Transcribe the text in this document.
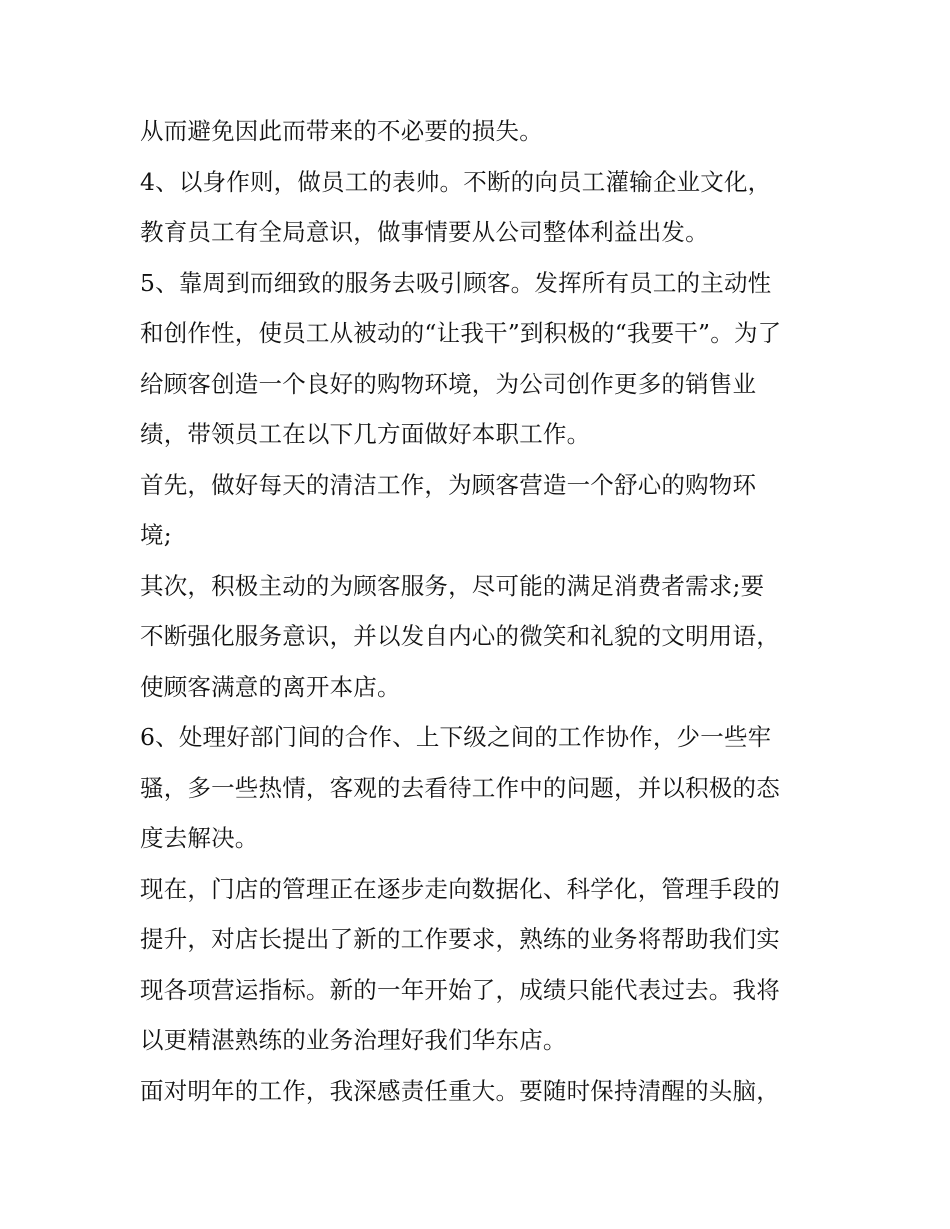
从而避免因此而带来的不必要的损失。
4、以身作则，做员工的表帅。不断的向员工灌输企业文化，
教育员工有全局意识，做事情要从公司整体利益出发。
5、靠周到而细致的服务去吸引顾客。发挥所有员工的主动性
和创作性，使员工从被动的“让我干”到积极的“我要干”。为了
给顾客创造一个良好的购物环境，为公司创作更多的销售业
绩，带领员工在以下几方面做好本职工作。
首先，做好每天的清洁工作，为顾客营造一个舒心的购物环
境;
其次，积极主动的为顾客服务，尽可能的满足消费者需求;要
不断强化服务意识，并以发自内心的微笑和礼貌的文明用语，
使顾客满意的离开本店。
6、处理好部门间的合作、上下级之间的工作协作，少一些牢
骚，多一些热情，客观的去看待工作中的问题，并以积极的态
度去解决。
现在，门店的管理正在逐步走向数据化、科学化，管理手段的
提升，对店长提出了新的工作要求，熟练的业务将帮助我们实
现各项营运指标。新的一年开始了，成绩只能代表过去。我将
以更精湛熟练的业务治理好我们华东店。
面对明年的工作，我深感责任重大。要随时保持清醒的头脑，
